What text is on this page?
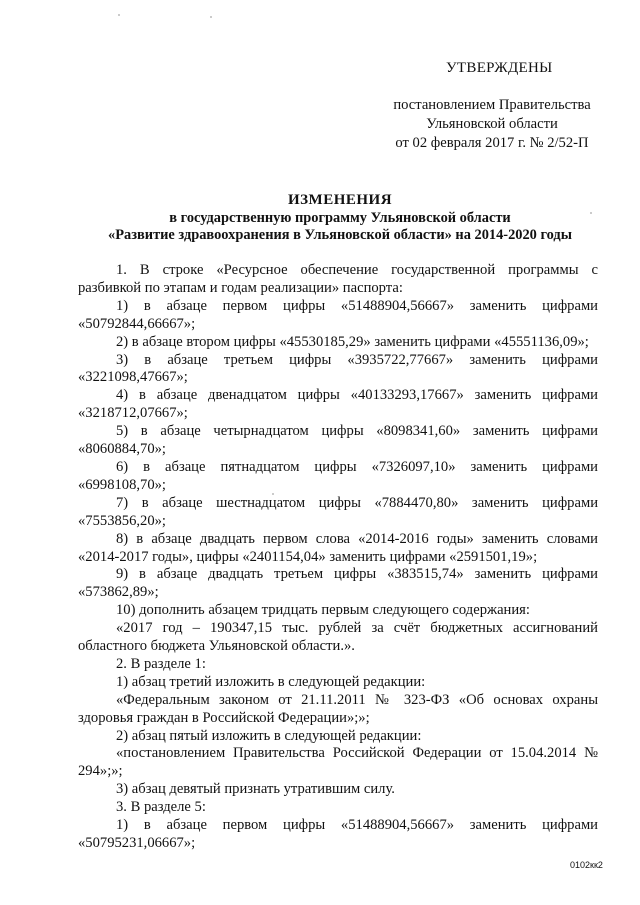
УТВЕРЖДЕНЫ
постановлением Правительства
Ульяновской области
от 02 февраля 2017 г. № 2/52-П
ИЗМЕНЕНИЯ
в государственную программу Ульяновской области
«Развитие здравоохранения в Ульяновской области» на 2014-2020 годы
1. В строке «Ресурсное обеспечение государственной программы с разбивкой по этапам и годам реализации» паспорта:
1) в абзаце первом цифры «51488904,56667» заменить цифрами «50792844,66667»;
2) в абзаце втором цифры «45530185,29» заменить цифрами «45551136,09»;
3) в абзаце третьем цифры «3935722,77667» заменить цифрами «3221098,47667»;
4) в абзаце двенадцатом цифры «40133293,17667» заменить цифрами «3218712,07667»;
5) в абзаце четырнадцатом цифры «8098341,60» заменить цифрами «8060884,70»;
6) в абзаце пятнадцатом цифры «7326097,10» заменить цифрами «6998108,70»;
7) в абзаце шестнадцатом цифры «7884470,80» заменить цифрами «7553856,20»;
8) в абзаце двадцать первом слова «2014-2016 годы» заменить словами «2014-2017 годы», цифры «2401154,04» заменить цифрами «2591501,19»;
9) в абзаце двадцать третьем цифры «383515,74» заменить цифрами «573862,89»;
10) дополнить абзацем тридцать первым следующего содержания:
«2017 год – 190347,15 тыс. рублей за счёт бюджетных ассигнований областного бюджета Ульяновской области.».
2. В разделе 1:
1) абзац третий изложить в следующей редакции:
«Федеральным законом от 21.11.2011 № 323-ФЗ «Об основах охраны здоровья граждан в Российской Федерации»;»;
2) абзац пятый изложить в следующей редакции:
«постановлением Правительства Российской Федерации от 15.04.2014 № 294»;»;
3) абзац девятый признать утратившим силу.
3. В разделе 5:
1) в абзаце первом цифры «51488904,56667» заменить цифрами «50795231,06667»;
0102кк2
